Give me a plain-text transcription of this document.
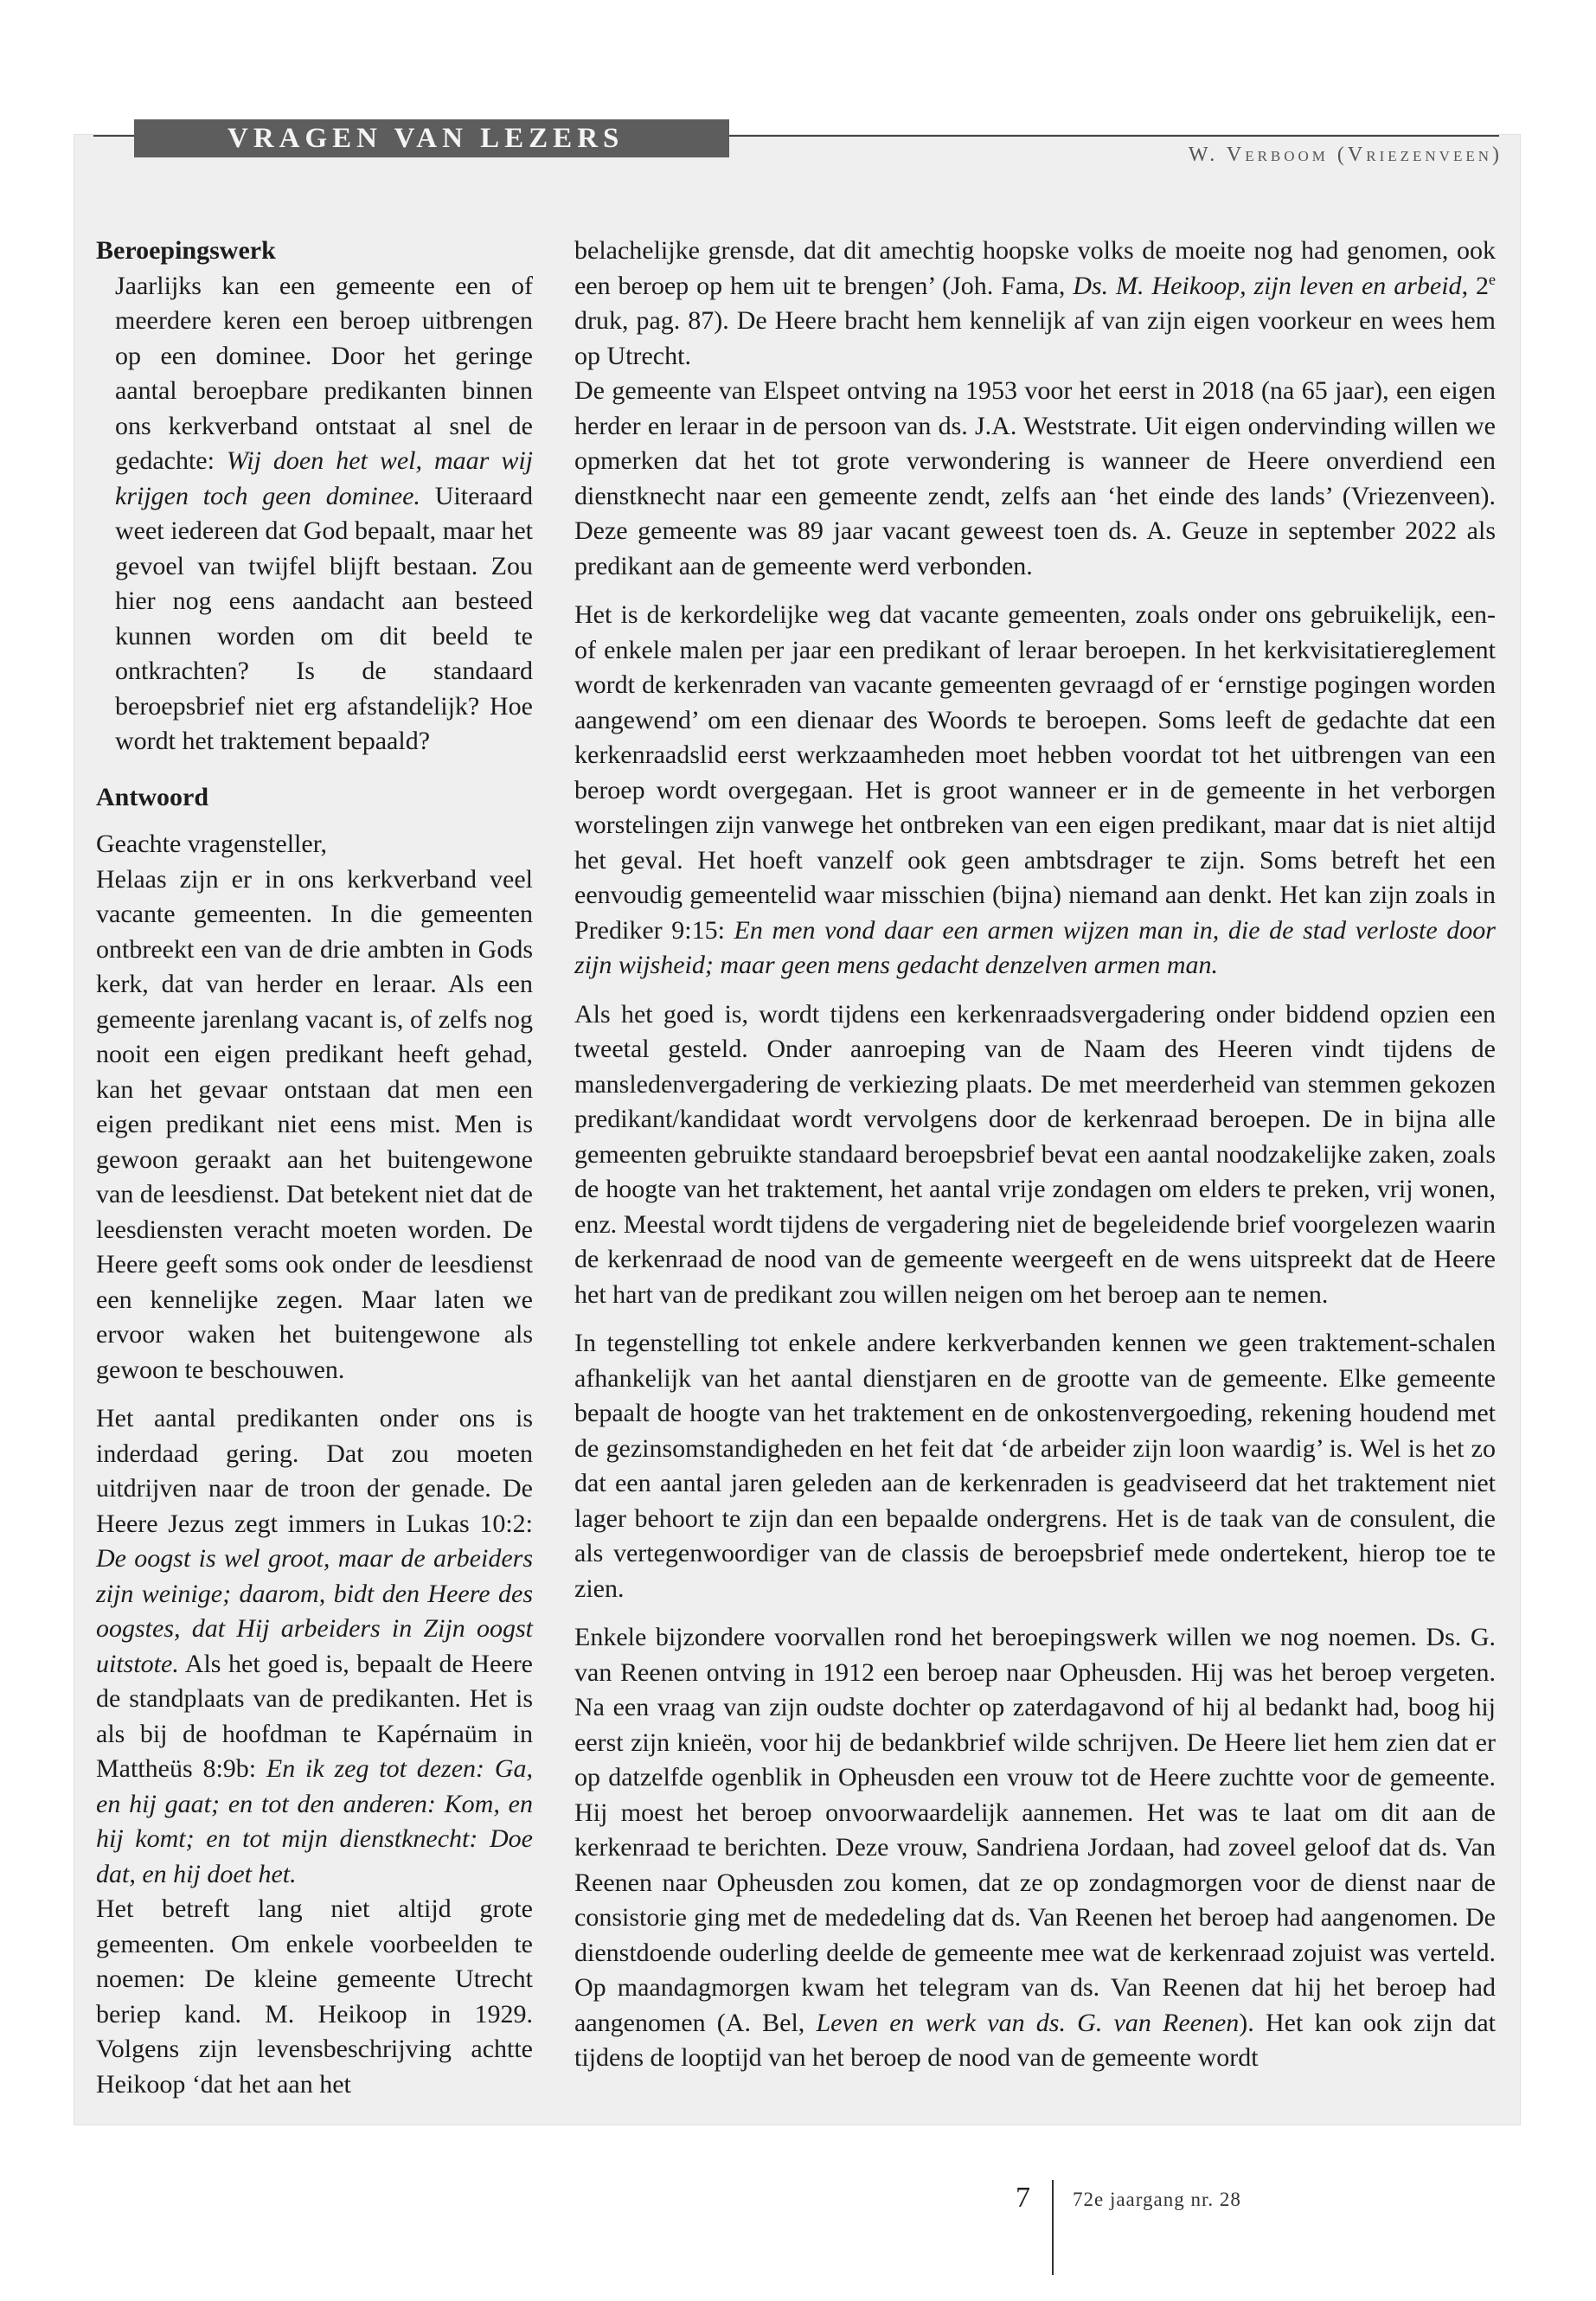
VRAGEN VAN LEZERS
W. Verboom (Vriezenveen)
Beroepingswerk

Jaarlijks kan een gemeente een of meerdere keren een beroep uitbrengen op een dominee. Door het geringe aantal beroepbare predikanten binnen ons kerkverband ontstaat al snel de gedachte: Wij doen het wel, maar wij krijgen toch geen dominee. Uiteraard weet iedereen dat God bepaalt, maar het gevoel van twijfel blijft bestaan. Zou hier nog eens aandacht aan besteed kunnen worden om dit beeld te ontkrachten? Is de standaard beroepsbrief niet erg afstandelijk? Hoe wordt het traktement bepaald?

Antwoord

Geachte vragensteller,

Helaas zijn er in ons kerkverband veel vacante gemeenten. In die gemeenten ontbreekt een van de drie ambten in Gods kerk, dat van herder en leraar. Als een gemeente jarenlang vacant is, of zelfs nog nooit een eigen predikant heeft gehad, kan het gevaar ontstaan dat men een eigen predikant niet eens mist. Men is gewoon geraakt aan het buitengewone van de leesdienst. Dat betekent niet dat de leesdiensten veracht moeten worden. De Heere geeft soms ook onder de leesdienst een kennelijke zegen. Maar laten we ervoor waken het buitengewone als gewoon te beschouwen.

Het aantal predikanten onder ons is inderdaad gering. Dat zou moeten uitdrijven naar de troon der genade. De Heere Jezus zegt immers in Lukas 10:2: De oogst is wel groot, maar de arbeiders zijn weinige; daarom, bidt den Heere des oogstes, dat Hij arbeiders in Zijn oogst uitstote. Als het goed is, bepaalt de Heere de standplaats van de predikanten. Het is als bij de hoofdman te Kapérnaüm in Mattheüs 8:9b: En ik zeg tot dezen: Ga, en hij gaat; en tot den anderen: Kom, en hij komt; en tot mijn dienstknecht: Doe dat, en hij doet het.

Het betreft lang niet altijd grote gemeenten. Om enkele voorbeelden te noemen: De kleine gemeente Utrecht beriep kand. M. Heikoop in 1929. Volgens zijn levensbeschrijving achtte Heikoop ‘dat het aan het

belachelijke grensde, dat dit amechtig hoopske volks de moeite nog had genomen, ook een beroep op hem uit te brengen’ (Joh. Fama, Ds. M. Heikoop, zijn leven en arbeid, 2e druk, pag. 87). De Heere bracht hem kennelijk af van zijn eigen voorkeur en wees hem op Utrecht.

De gemeente van Elspeet ontving na 1953 voor het eerst in 2018 (na 65 jaar), een eigen herder en leraar in de persoon van ds. J.A. Weststrate. Uit eigen ondervinding willen we opmerken dat het tot grote verwondering is wanneer de Heere onverdiend een dienstknecht naar een gemeente zendt, zelfs aan ‘het einde des lands’ (Vriezenveen). Deze gemeente was 89 jaar vacant geweest toen ds. A. Geuze in september 2022 als predikant aan de gemeente werd verbonden.

Het is de kerkordelijke weg dat vacante gemeenten, zoals onder ons gebruikelijk, een- of enkele malen per jaar een predikant of leraar beroepen. In het kerkvisitatiereglement wordt de kerkenraden van vacante gemeenten gevraagd of er ‘ernstige pogingen worden aangewend’ om een dienaar des Woords te beroepen. Soms leeft de gedachte dat een kerkenraadslid eerst werkzaamheden moet hebben voordat tot het uitbrengen van een beroep wordt overgegaan. Het is groot wanneer er in de gemeente in het verborgen worstelingen zijn vanwege het ontbreken van een eigen predikant, maar dat is niet altijd het geval. Het hoeft vanzelf ook geen ambtsdrager te zijn. Soms betreft het een eenvoudig gemeentelid waar misschien (bijna) niemand aan denkt. Het kan zijn zoals in Prediker 9:15: En men vond daar een armen wijzen man in, die de stad verloste door zijn wijsheid; maar geen mens gedacht denzelven armen man.

Als het goed is, wordt tijdens een kerkenraadsvergadering onder biddend opzien een tweetal gesteld. Onder aanroeping van de Naam des Heeren vindt tijdens de mansledenvergadering de verkiezing plaats. De met meerderheid van stemmen gekozen predikant/kandidaat wordt vervolgens door de kerkenraad beroepen. De in bijna alle gemeenten gebruikte standaard beroepsbrief bevat een aantal noodzakelijke zaken, zoals de hoogte van het traktement, het aantal vrije zondagen om elders te preken, vrij wonen, enz. Meestal wordt tijdens de vergadering niet de begeleidende brief voorgelezen waarin de kerkenraad de nood van de gemeente weergeeft en de wens uitspreekt dat de Heere het hart van de predikant zou willen neigen om het beroep aan te nemen.

In tegenstelling tot enkele andere kerkverbanden kennen we geen traktement-schalen afhankelijk van het aantal dienstjaren en de grootte van de gemeente. Elke gemeente bepaalt de hoogte van het traktement en de onkostenvergoeding, rekening houdend met de gezinsomstandigheden en het feit dat ‘de arbeider zijn loon waardig’ is. Wel is het zo dat een aantal jaren geleden aan de kerkenraden is geadviseerd dat het traktement niet lager behoort te zijn dan een bepaalde ondergrens. Het is de taak van de consulent, die als vertegenwoordiger van de classis de beroepsbrief mede ondertekent, hierop toe te zien.

Enkele bijzondere voorvallen rond het beroepingswerk willen we nog noemen. Ds. G. van Reenen ontving in 1912 een beroep naar Opheusden. Hij was het beroep vergeten. Na een vraag van zijn oudste dochter op zaterdagavond of hij al bedankt had, boog hij eerst zijn knieën, voor hij de bedankbrief wilde schrijven. De Heere liet hem zien dat er op datzelfde ogenblik in Opheusden een vrouw tot de Heere zuchtte voor de gemeente. Hij moest het beroep onvoorwaardelijk aannemen. Het was te laat om dit aan de kerkenraad te berichten. Deze vrouw, Sandriena Jordaan, had zoveel geloof dat ds. Van Reenen naar Opheusden zou komen, dat ze op zondagmorgen voor de dienst naar de consistorie ging met de mededeling dat ds. Van Reenen het beroep had aangenomen. De dienstdoende ouderling deelde de gemeente mee wat de kerkenraad zojuist was verteld. Op maandagmorgen kwam het telegram van ds. Van Reenen dat hij het beroep had aangenomen (A. Bel, Leven en werk van ds. G. van Reenen). Het kan ook zijn dat tijdens de looptijd van het beroep de nood van de gemeente wordt

7 72e jaargang nr. 28
